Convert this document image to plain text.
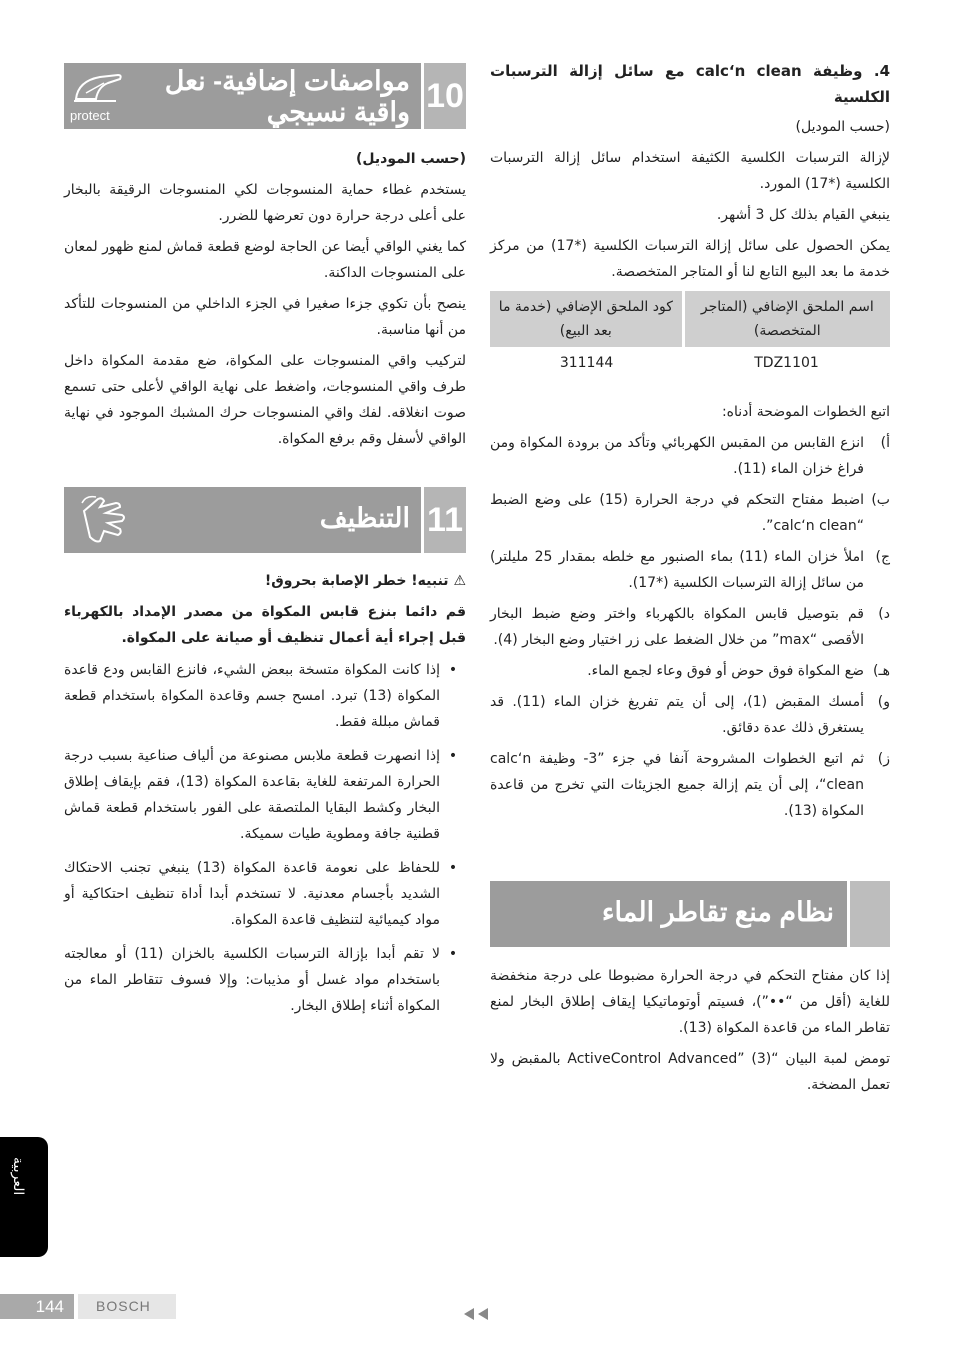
4. وظيفة calc‘n clean مع سائل إزالة الترسبات الكلسية

(حسب الموديل)

لإزالة الترسبات الكلسية الكثيفة استخدام سائل إزالة الترسبات الكلسية (*17) المورد.

ينبغي القيام بذلك كل 3 أشهر.

يمكن الحصول على سائل إزالة الترسبات الكلسية (*17) من مركز خدمة ما بعد البيع التابع لنا أو المتاجر المتخصصة.

اسم الملحق الإضافي (المتاجر المتخصصة)	كود الملحق الإضافي (خدمة ما بعد البيع)
TDZ1101	311144

اتبع الخطوات الموضحة أدناه:

أ)
انزع القابس من المقبس الكهربائي وتأكد من برودة المكواة ومن فراغ خزان الماء (11).
ب)
اضبط مفتاح التحكم في درجة الحرارة (15) على وضع الضبط “calc‘n clean”.
ج)
املأ خزان الماء (11) بماء الصنبور مع خلطه بمقدار 25 مليلتر) من سائل إزالة الترسبات الكلسية (*17).
د)
قم بتوصيل قابس المكواة بالكهرباء واختر وضع ضبط البخار الأقصى “max” من خلال الضغط على زر اختيار وضع البخار (4).
هـ)
ضع المكواة فوق حوض أو فوق وعاء لجمع الماء.
و)
أمسك المقبض (1)، إلى أن يتم تفريغ خزان الماء (11). قد يستغرق ذلك عدة دقائق.
ز)
ثم اتبع الخطوات المشروحة آنفا في جزء ”3- وظيفة calc‘n clean“، إلى أن يتم إزالة جميع الجزيئات التي تخرج من قاعدة المكواة (13).
نظام منع تقاطر الماء

إذا كان مفتاح التحكم في درجة الحرارة مضبوطا على درجة منخفضة للغاية (أقل من “••”)، فسيتم أوتوماتيكيا إيقاف إطلاق البخار لمنع تقاطر الماء من قاعدة المكواة (13).

تومض لمبة البيان “ActiveControl Advanced” (3) بالمقبض ولا تعمل المضخة.

10
مواصفات إضافية- نعل واقية نسيجي
protect

(حسب الموديل)

يستخدم غطاء حماية المنسوجات لكي المنسوجات الرقيقة بالبخار على أعلى درجة حرارة دون تعرضها للضرر.

كما يغني الواقي أيضا عن الحاجة لوضع قطعة قماش لمنع ظهور لمعان على المنسوجات الداكنة.

ينصح بأن تكوي جزءا صغيرا في الجزء الداخلي من المنسوجات للتأكد من أنها مناسبة.

لتركيب واقي المنسوجات على المكواة، ضع مقدمة المكواة داخل طرف واقي المنسوجات، واضغط على نهاية الواقي لأعلى حتى تسمع صوت انغلاقه. لفك واقي المنسوجات حرك المشبك الموجود في نهاية الواقي لأسفل وقم برفع المكواة.

11
التنظيف

⚠ تنبيه! خطر الإصابة بحروق!

قم دائما بنزع قابس المكواة من مصدر الإمداد بالكهرباء قبل إجراء أية أعمال تنظيف أو صيانة على المكواة.

•
إذا كانت المكواة متسخة ببعض الشيء، فانزع القابس ودع قاعدة المكواة (13) تبرد. امسح جسم وقاعدة المكواة باستخدام قطعة قماش مبللة فقط.
•
إذا انصهرت قطعة ملابس مصنوعة من ألياف صناعية بسبب درجة الحرارة المرتفعة للغاية بقاعدة المكواة (13)، فقم بإيقاف إطلاق البخار وكشط البقايا الملتصقة على الفور باستخدام قطعة قماش قطنية جافة ومطوية طيات سميكة.
•
للحفاظ على نعومة قاعدة المكواة (13) ينبغي تجنب الاحتكاك الشديد بأجسام معدنية. لا تستخدم أبدا أداة تنظيف احتكاكية أو مواد كيميائية لتنظيف قاعدة المكواة.
•
لا تقم أبدا بإزالة الترسبات الكلسية بالخزان (11) أو معالجته باستخدام مواد غسل أو مذيبات: وإلا فسوف تتقاطر الماء من المكواة أثناء إطلاق البخار.
العربية
144	BOSCH
